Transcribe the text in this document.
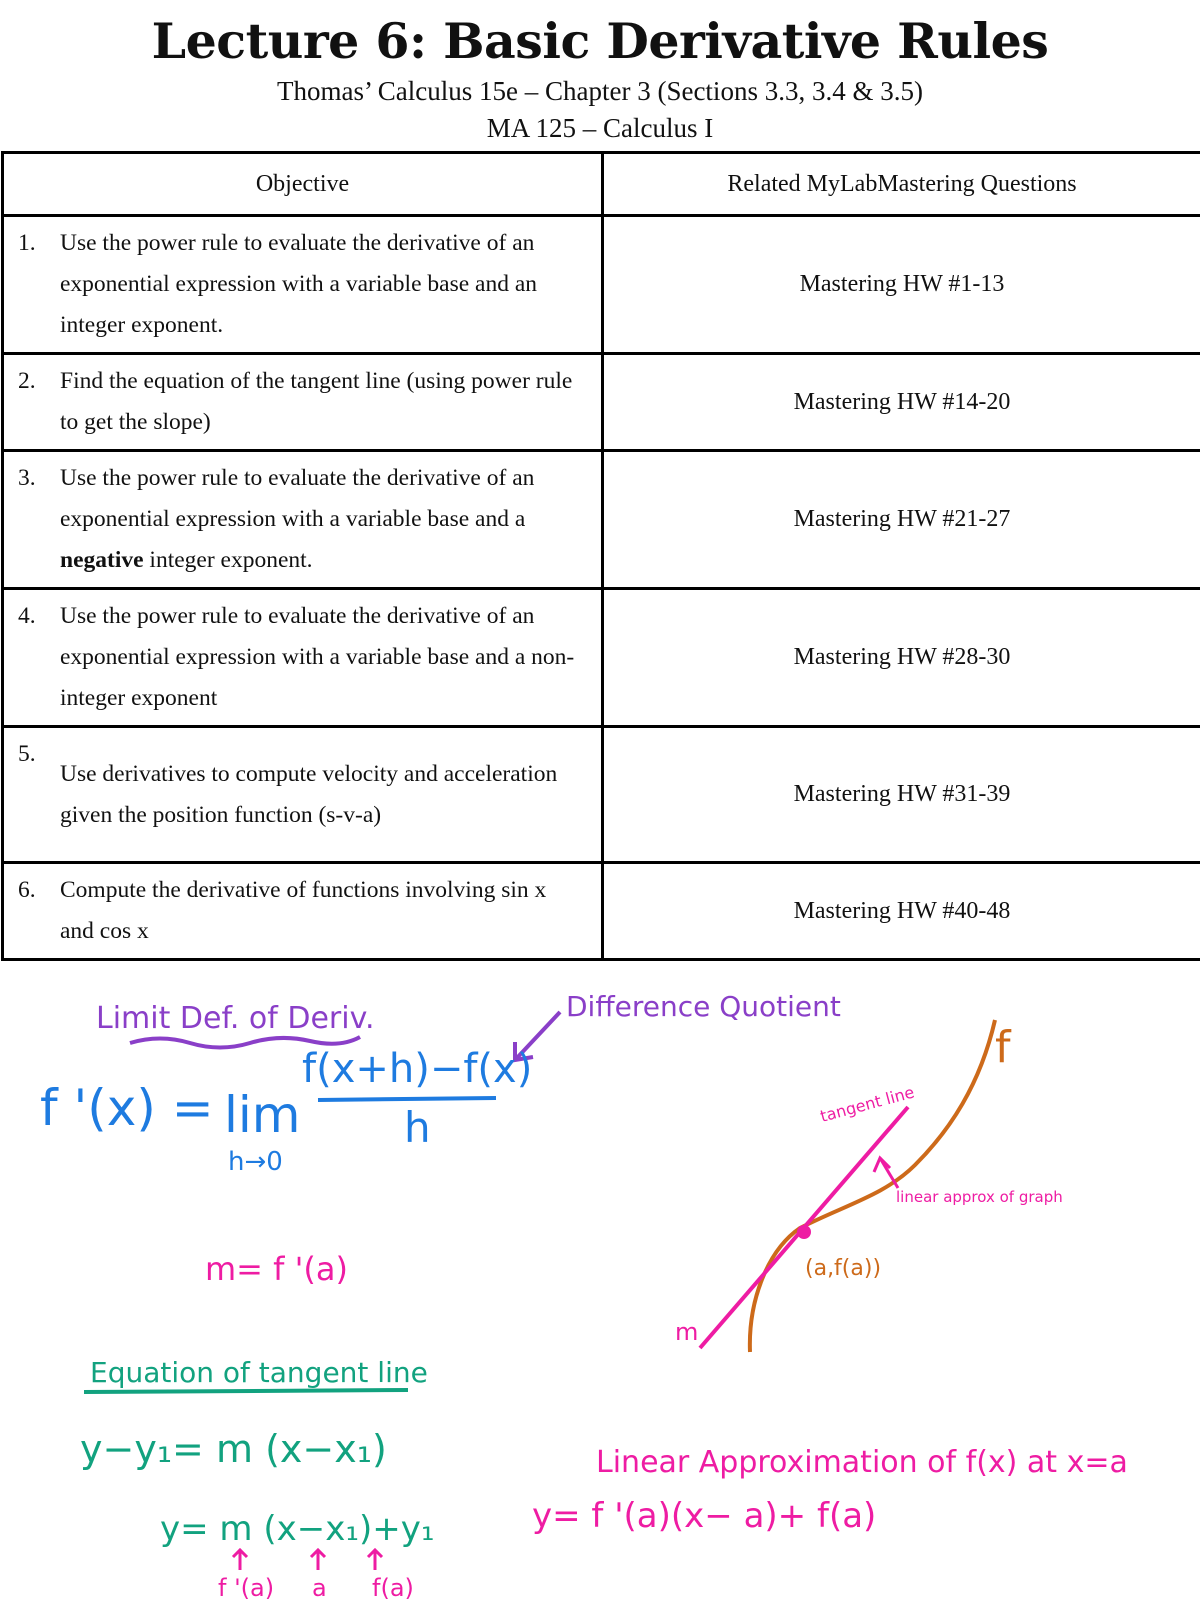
Lecture 6: Basic Derivative Rules
Thomas’ Calculus 15e – Chapter 3 (Sections 3.3, 3.4 & 3.5)
MA 125 – Calculus I
Objective	Related MyLabMastering Questions

1. Use the power rule to evaluate the derivative of an exponential expression with a variable base and an integer exponent.	Mastering HW #1-13

2. Find the equation of the tangent line (using power rule to get the slope)	Mastering HW #14-20

3. Use the power rule to evaluate the derivative of an exponential expression with a variable base and a negative integer exponent.	Mastering HW #21-27

4. Use the power rule to evaluate the derivative of an exponential expression with a variable base and a non-integer exponent	Mastering HW #28-30

5.
Use derivatives to compute velocity and acceleration given the position function (s-v-a)	Mastering HW #31-39

6. Compute the derivative of functions involving sin x and cos x	Mastering HW #40-48
Limit Def. of Deriv.	Difference Quotient
f '(x) = lim
h→0
f(x+h)−f(x)
h
m= f '(a)
f
(a,f(a))
tangent line
linear approx of graph
m
Equation of tangent line
y−y₁= m (x−x₁)
y= m (x−x₁)+y₁
f '(a) a f(a)
Linear Approximation of f(x) at x=a
y= f '(a)(x− a)+ f(a)
